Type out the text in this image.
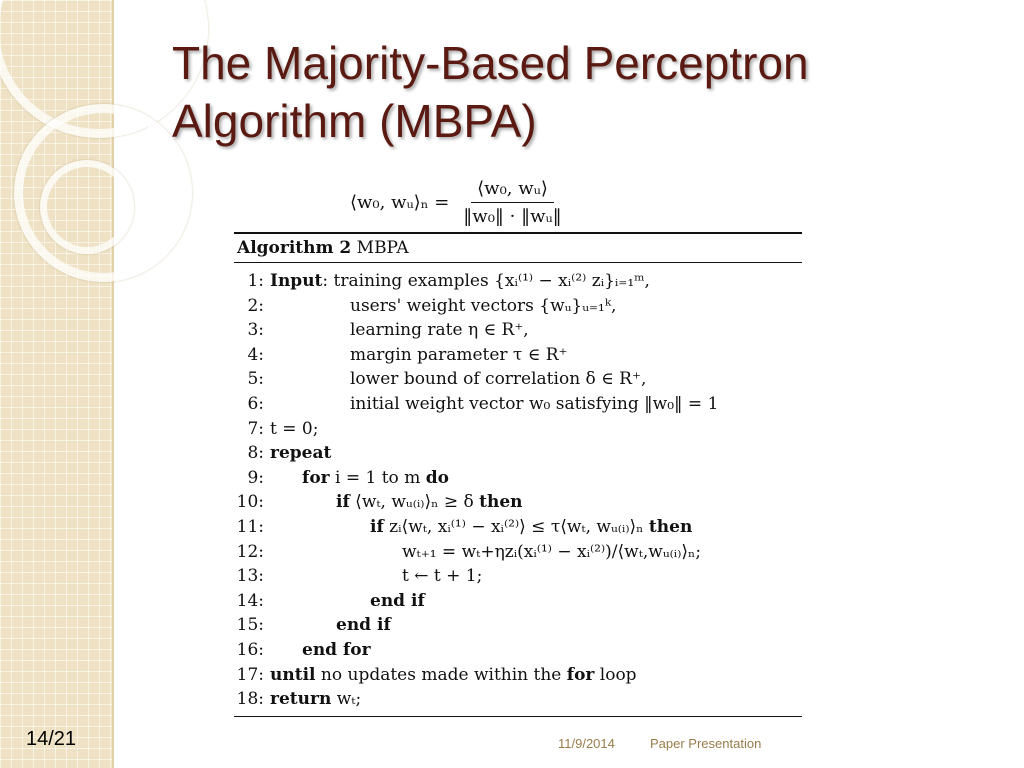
The Majority-Based Perceptron
Algorithm (MBPA)
⟨w₀, wᵤ⟩ₙ = $\frac{\text{⟨w₀, wᵤ⟩}}{\text{‖w₀‖ · ‖wᵤ‖}}$
Algorithm 2 MBPA
1: Input: training examples {xᵢ⁽¹⁾ − xᵢ⁽²⁾ zᵢ}ᵢ₌₁ᵐ,
2:	users' weight vectors {wᵤ}ᵤ₌₁ᵏ,
3:	learning rate η ∈ R⁺,
4:	margin parameter τ ∈ R⁺
5:	lower bound of correlation δ ∈ R⁺,
6:	initial weight vector w₀ satisfying ‖w₀‖ = 1
7: t = 0;
8: repeat
9: for i = 1 to m do
10:	if ⟨wₜ, wᵤ₍ᵢ₎⟩ₙ ≥ δ then
11:	if zᵢ⟨wₜ, xᵢ⁽¹⁾ − xᵢ⁽²⁾⟩ ≤ τ⟨wₜ, wᵤ₍ᵢ₎⟩ₙ then
12:	wₜ₊₁ = wₜ+ηzᵢ(xᵢ⁽¹⁾ − xᵢ⁽²⁾)/⟨wₜ,wᵤ₍ᵢ₎⟩ₙ;
13:	t ← t + 1;
14:	end if
15:	end if
16: end for
17: until no updates made within the for loop
18: return wₜ;
14/21	11/9/2014	Paper Presentation
